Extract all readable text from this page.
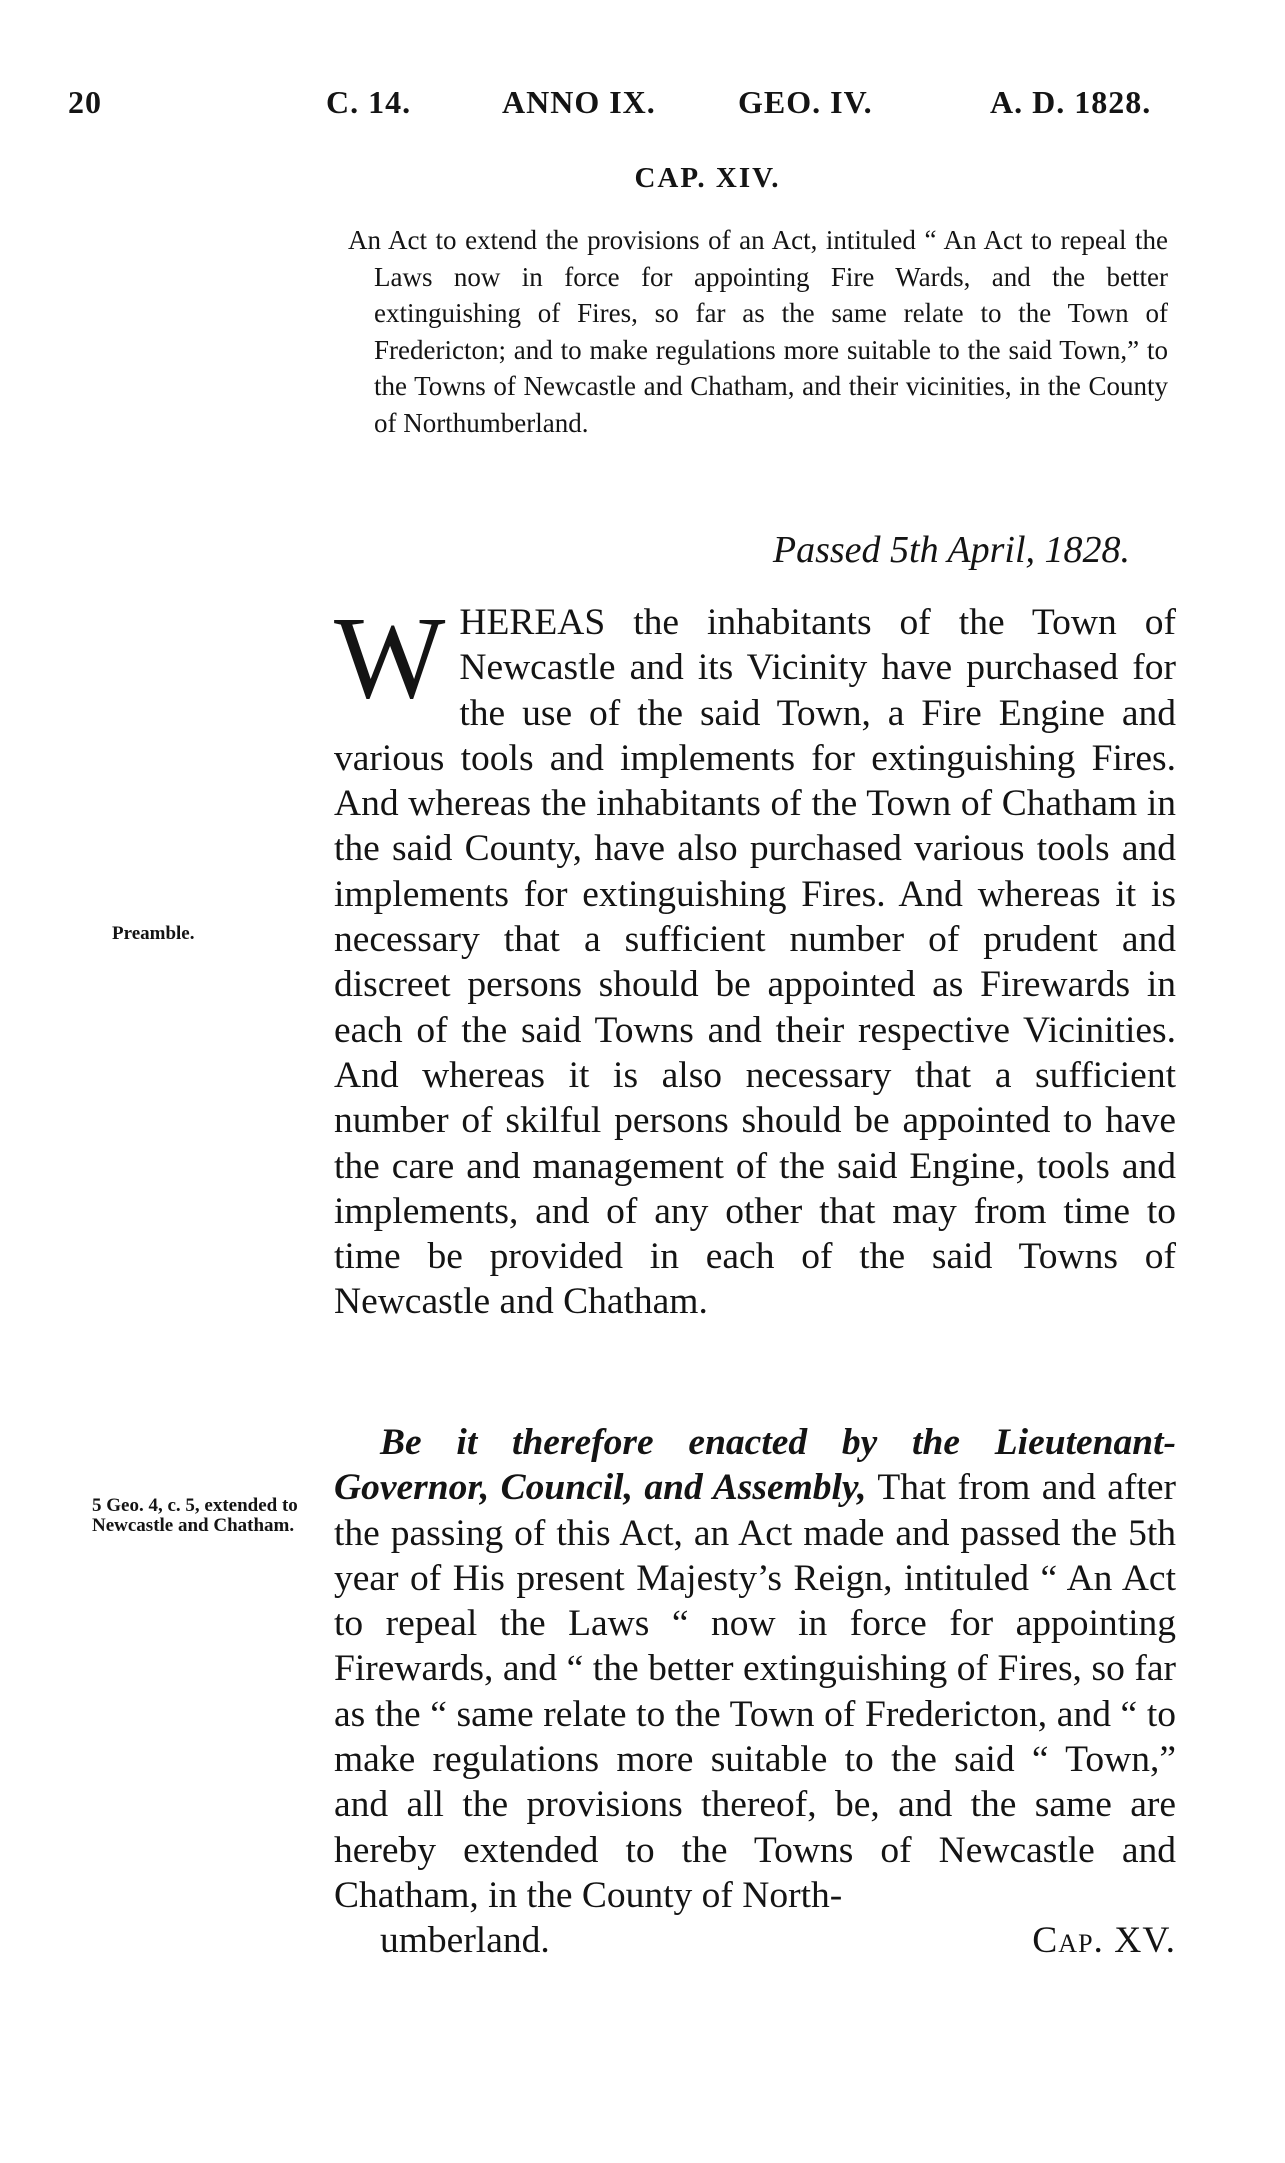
20	C. 14.	ANNO IX.	GEO. IV.	A. D. 1828.
CAP. XIV.
An Act to extend the provisions of an Act, intituled “ An Act to repeal the Laws now in force for appointing Fire Wards, and the better extinguishing of Fires, so far as the same relate to the Town of Fredericton; and to make regulations more suitable to the said Town,” to the Towns of Newcastle and Chatham, and their vicinities, in the County of Northumberland.
Passed 5th April, 1828.
Preamble.
WHEREAS the inhabitants of the Town of Newcastle and its Vicinity have purchased for the use of the said Town, a Fire Engine and various tools and implements for extinguishing Fires. And whereas the inhabitants of the Town of Chatham in the said County, have also purchased various tools and implements for extinguishing Fires. And whereas it is necessary that a sufficient number of prudent and discreet persons should be appointed as Firewards in each of the said Towns and their respective Vicinities. And whereas it is also necessary that a sufficient number of skilful persons should be appointed to have the care and management of the said Engine, tools and implements, and of any other that may from time to time be provided in each of the said Towns of Newcastle and Chatham.
5 Geo. 4, c. 5, extended to Newcastle and Chatham.
Be it therefore enacted by the Lieutenant-Governor, Council, and Assembly, That from and after the passing of this Act, an Act made and passed the 5th year of His present Majesty’s Reign, intituled “ An Act to repeal the Laws “ now in force for appointing Firewards, and “ the better extinguishing of Fires, so far as the “ same relate to the Town of Fredericton, and “ to make regulations more suitable to the said “ Town,” and all the provisions thereof, be, and the same are hereby extended to the Towns of Newcastle and Chatham, in the County of North-
umberland.	Cap. XV.
